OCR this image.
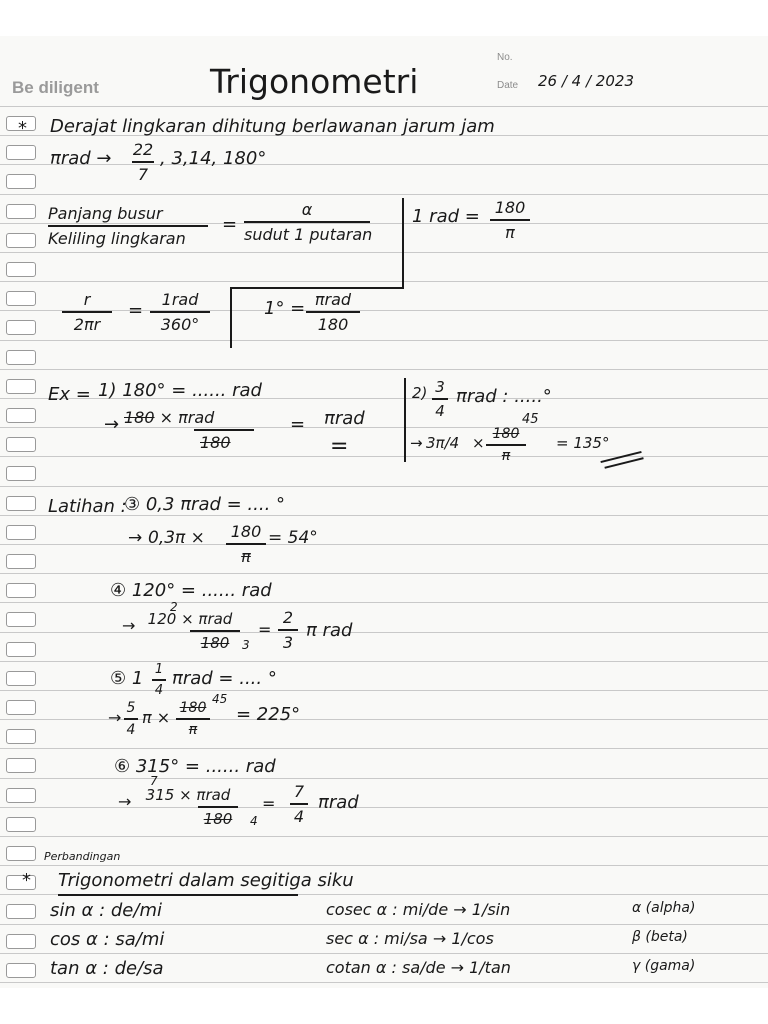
Be diligent	Trigonometri
No.
Date 26 / 4 / 2023
* Derajat lingkaran dihitung berlawanan jarum jam
πrad → 22
7
, 3,14, 180°
Panjang busur
Keliling lingkaran
=
α
sudut 1 putaran
1 rad = 180
π
r
2πr
=
1rad
360°
1° = πrad
180
Ex = 1) 180° = ...... rad
→ 180 × πrad
180
= πrad
=
2) 3
4
πrad : .....°
→ 3π/4 × 180
π
45
= 135°
Latihan :
③ 0,3 πrad = .... °
→ 0,3π × 180
π
= 54°
④ 120° = ...... rad
→
2
120 × πrad
180	3
=
2
3
π rad
⑤ 1 1
4
πrad = .... °
→ 5
4
π × 180
π
45
= 225°
⑥ 315° = ...... rad
→
7
315 × πrad
180	4
=
7
4
πrad
Perbandingan
* Trigonometri dalam segitiga siku
sin α : de/mi	cosec α : mi/de → 1/sin	α (alpha)
cos α : sa/mi	sec α : mi/sa → 1/cos	β (beta)
tan α : de/sa	cotan α : sa/de → 1/tan	γ (gama)
